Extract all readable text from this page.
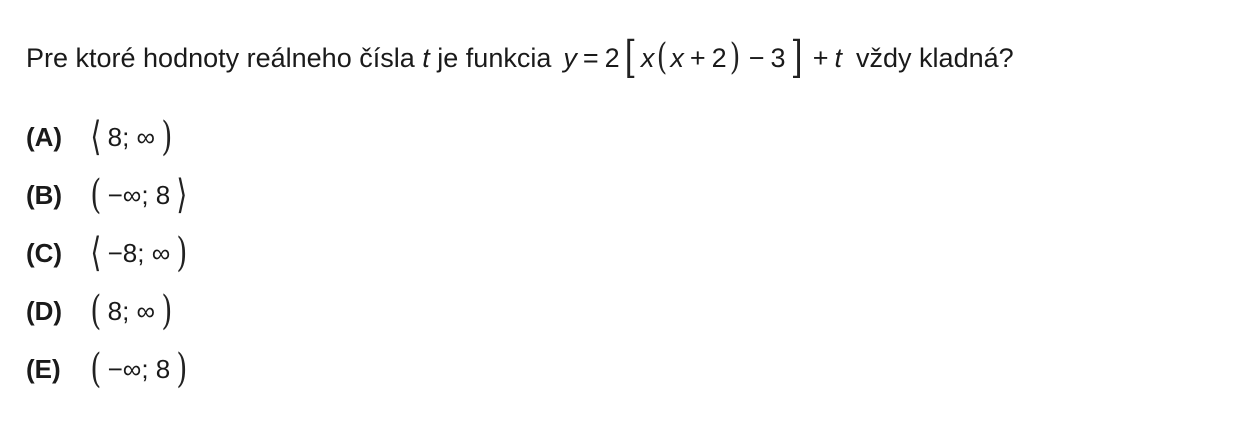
Pre ktoré hodnoty reálneho čísla
t
je funkcia y = 2 [ x ( x + 2 ) − 3 ] + t vždy kladná?
(A) ⟨ 8; ∞ )
(B) ( −∞; 8 ⟩
(C) ⟨ −8; ∞ )
(D) ( 8; ∞ )
(E) ( −∞; 8 )
